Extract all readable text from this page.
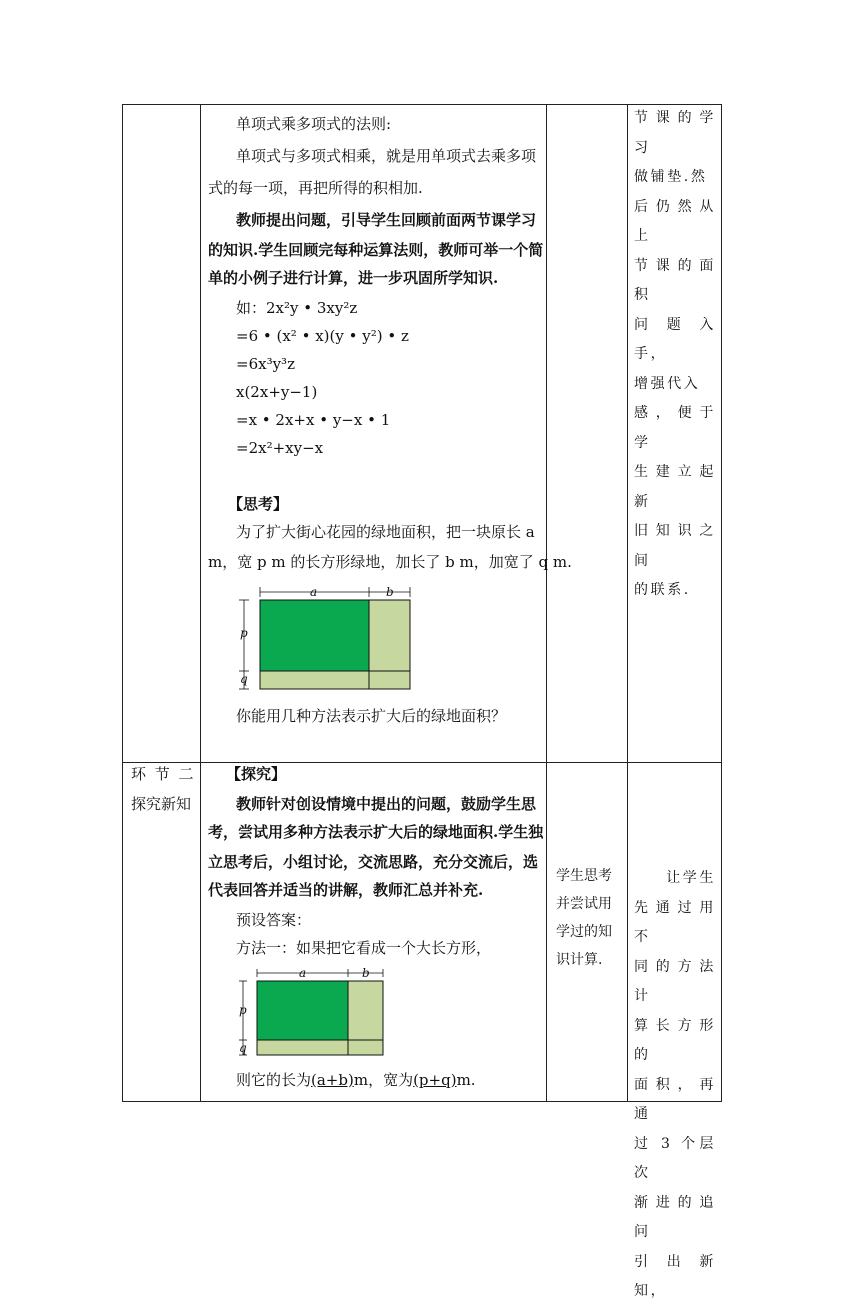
单项式乘多项式的法则:
单项式与多项式相乘，就是用单项式去乘多项
式的每一项，再把所得的积相加.
教师提出问题，引导学生回顾前面两节课学习
的知识.学生回顾完每种运算法则，教师可举一个简
单的小例子进行计算，进一步巩固所学知识.
如：2x²y • 3xy²z
=6 • (x² • x)(y • y²) • z
=6x³y³z
x(2x+y−1)
=x • 2x+x • y−x • 1
=2x²+xy−x
【思考】
为了扩大街心花园的绿地面积，把一块原长 a
m，宽 p m 的长方形绿地，加长了 b m，加宽了 q m.
a	b
p
q
你能用几种方法表示扩大后的绿地面积？
节课的学习
做铺垫.然
后仍然从上
节课的面积
问题入手，
增强代入
感，便于学
生建立起新
旧知识之间
的联系.
环 节 二
探究新知
【探究】
教师针对创设情境中提出的问题，鼓励学生思
考，尝试用多种方法表示扩大后的绿地面积.学生独
立思考后，小组讨论，交流思路，充分交流后，选
代表回答并适当的讲解，教师汇总并补充.
预设答案：
方法一：如果把它看成一个大长方形，
a	b
p
q
则它的长为(a+b)m，宽为(p+q)m.
学生思考
并尝试用
学过的知
识计算.
让学生
先通过用不
同的方法计
算长方形的
面积，再通
过 3 个层次
渐进的追问
引出新知，
